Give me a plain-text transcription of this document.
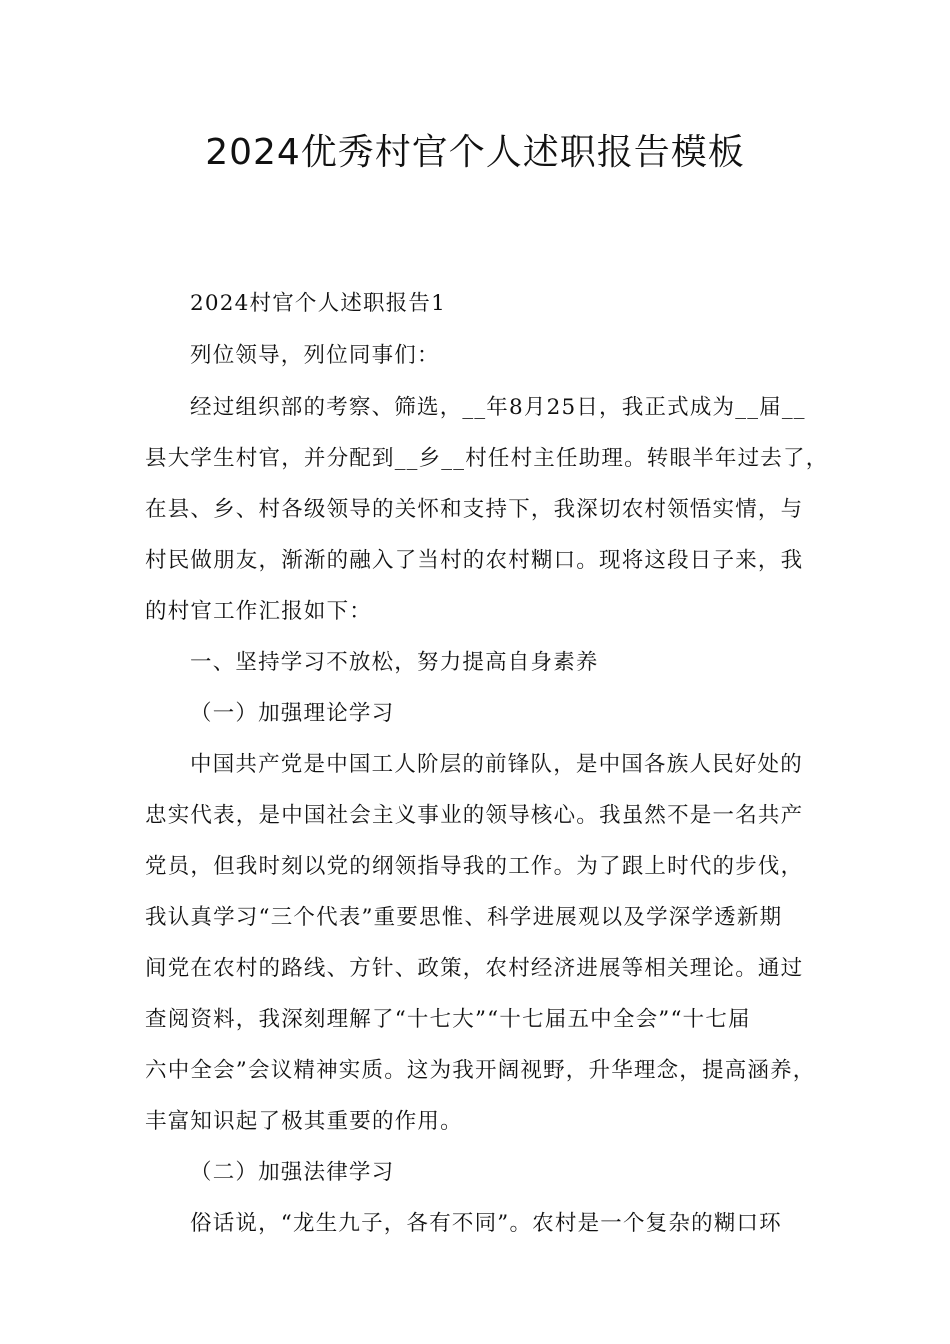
2024优秀村官个人述职报告模板
2024村官个人述职报告1
列位领导，列位同事们：
经过组织部的考察、筛选，__年8月25日，我正式成为__届__
县大学生村官，并分配到__乡__村任村主任助理。转眼半年过去了，
在县、乡、村各级领导的关怀和支持下，我深切农村领悟实情，与
村民做朋友，渐渐的融入了当村的农村糊口。现将这段日子来，我
的村官工作汇报如下：
一、坚持学习不放松，努力提高自身素养
（一）加强理论学习
中国共产党是中国工人阶层的前锋队，是中国各族人民好处的
忠实代表，是中国社会主义事业的领导核心。我虽然不是一名共产
党员，但我时刻以党的纲领指导我的工作。为了跟上时代的步伐，
我认真学习“三个代表”重要思惟、科学进展观以及学深学透新期
间党在农村的路线、方针、政策，农村经济进展等相关理论。通过
查阅资料，我深刻理解了“十七大”“十七届五中全会”“十七届
六中全会”会议精神实质。这为我开阔视野，升华理念，提高涵养，
丰富知识起了极其重要的作用。
（二）加强法律学习
俗话说，“龙生九子，各有不同”。农村是一个复杂的糊口环
